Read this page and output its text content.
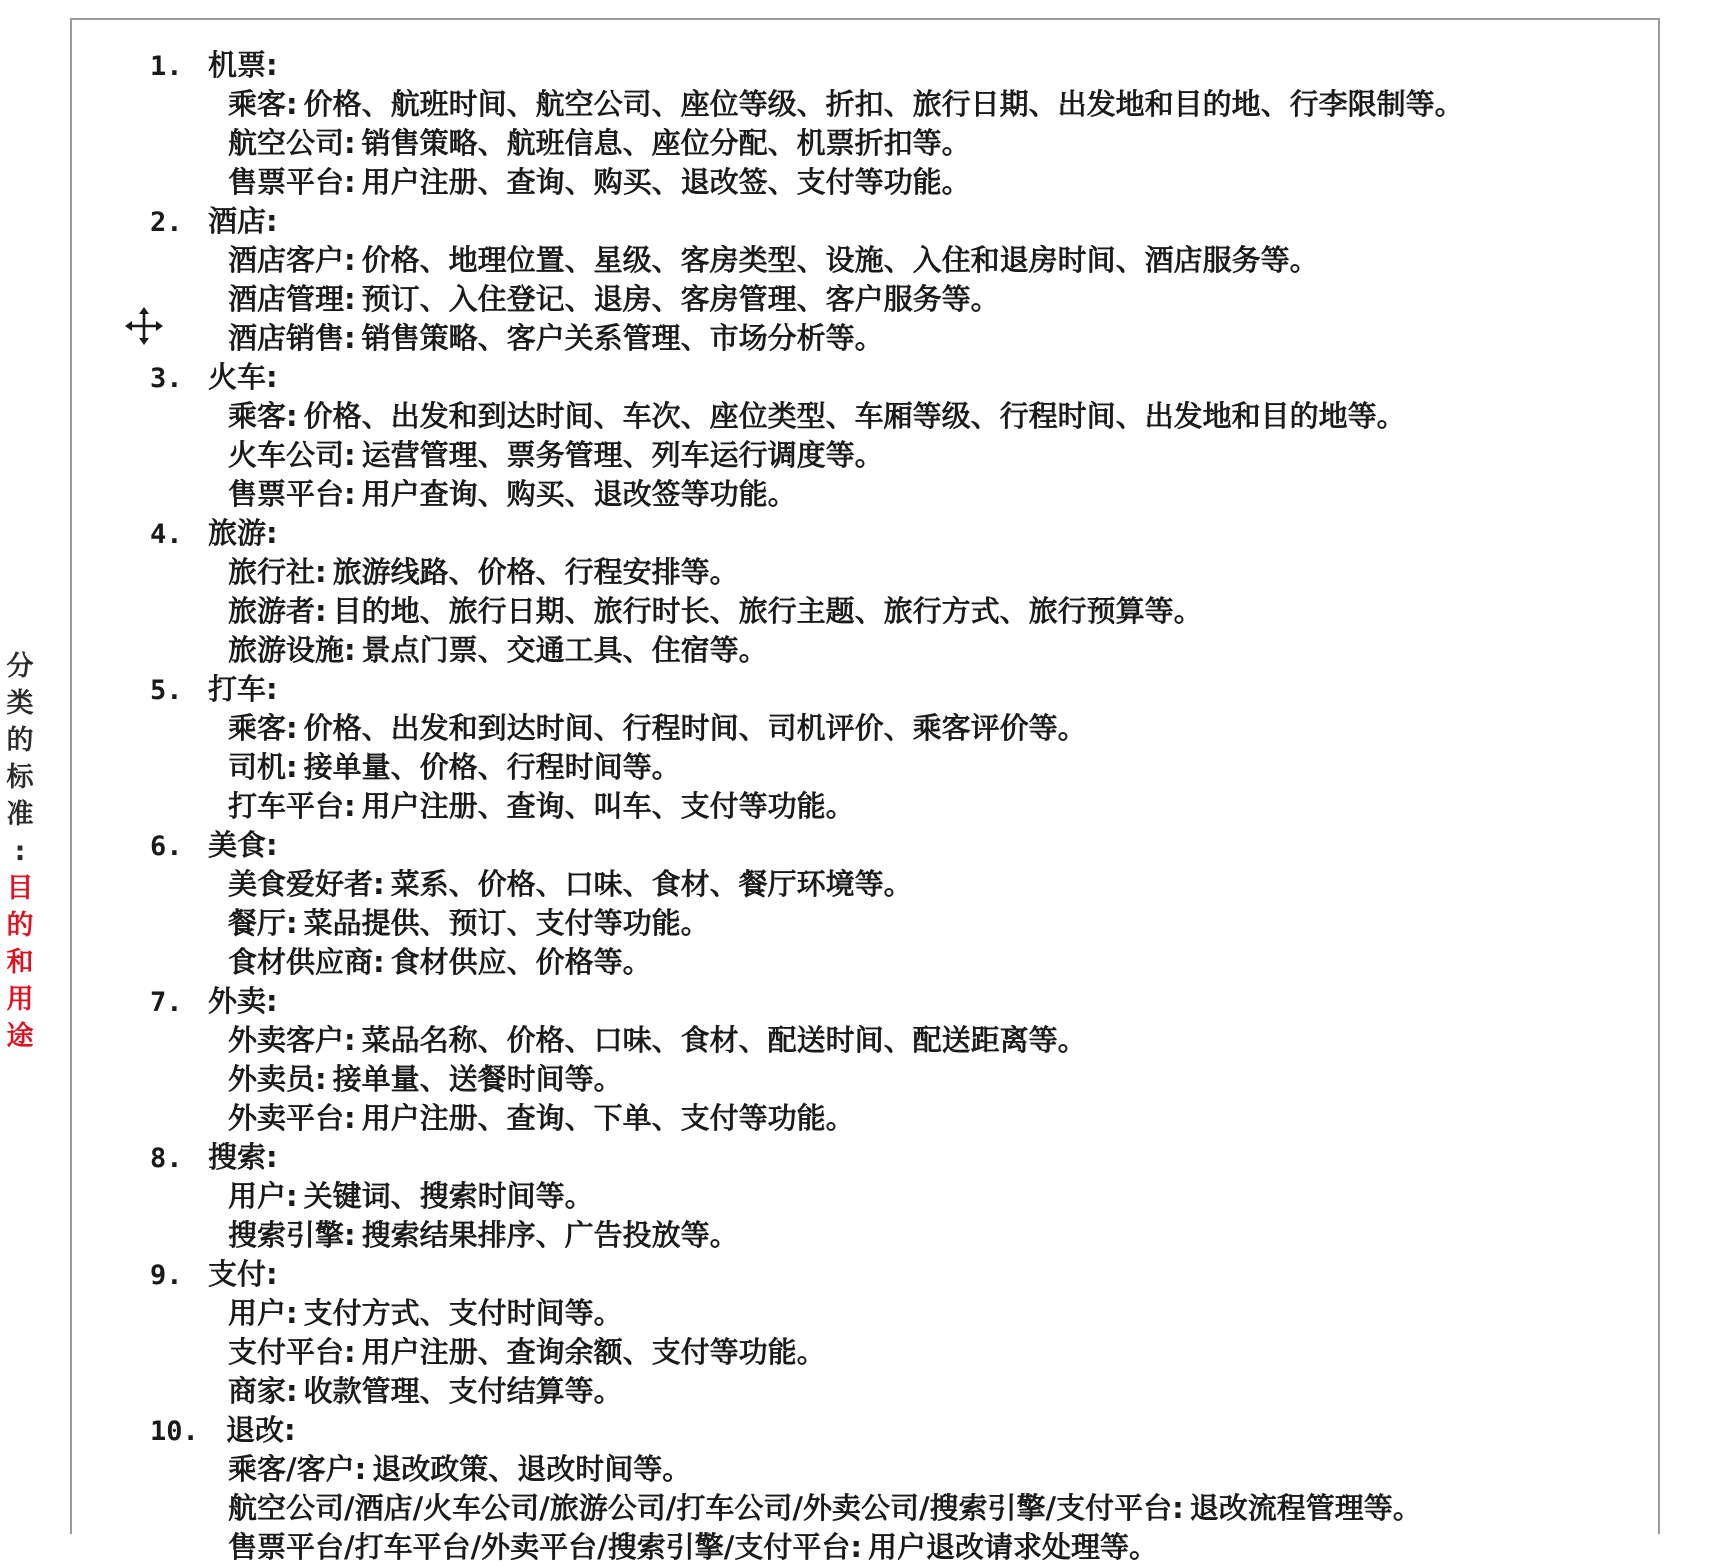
分
类
的
标
准
:
目
的
和
用
途
1. 机票 :
乘客 : 价格、航班时间、航空公司、座位等级、折扣、旅行日期、出发地和目的地、行李限制等。
航空公司 : 销售策略、航班信息、座位分配、机票折扣等。
售票平台 : 用户注册、查询、购买、退改签、支付等功能。
2. 酒店 :
酒店客户 : 价格、地理位置、星级、客房类型、设施、入住和退房时间、酒店服务等。
酒店管理 : 预订、入住登记、退房、客房管理、客户服务等。
酒店销售 : 销售策略、客户关系管理、市场分析等。
3. 火车 :
乘客 : 价格、出发和到达时间、车次、座位类型、车厢等级、行程时间、出发地和目的地等。
火车公司 : 运营管理、票务管理、列车运行调度等。
售票平台 : 用户查询、购买、退改签等功能。
4. 旅游 :
旅行社 : 旅游线路、价格、行程安排等。
旅游者 : 目的地、旅行日期、旅行时长、旅行主题、旅行方式、旅行预算等。
旅游设施 : 景点门票、交通工具、住宿等。
5. 打车 :
乘客 : 价格、出发和到达时间、行程时间、司机评价、乘客评价等。
司机 : 接单量、价格、行程时间等。
打车平台 : 用户注册、查询、叫车、支付等功能。
6. 美食 :
美食爱好者 : 菜系、价格、口味、食材、餐厅环境等。
餐厅 : 菜品提供、预订、支付等功能。
食材供应商 : 食材供应、价格等。
7. 外卖 :
外卖客户 : 菜品名称、价格、口味、食材、配送时间、配送距离等。
外卖员 : 接单量、送餐时间等。
外卖平台 : 用户注册、查询、下单、支付等功能。
8. 搜索 :
用户 : 关键词、搜索时间等。
搜索引擎 : 搜索结果排序、广告投放等。
9. 支付 :
用户 : 支付方式、支付时间等。
支付平台 : 用户注册、查询余额、支付等功能。
商家 : 收款管理、支付结算等。
10. 退改 :
乘客/客户 : 退改政策、退改时间等。
航空公司/酒店/火车公司/旅游公司/打车公司/外卖公司/搜索引擎/支付平台 : 退改流程管理等。
售票平台/打车平台/外卖平台/搜索引擎/支付平台 : 用户退改请求处理等。
